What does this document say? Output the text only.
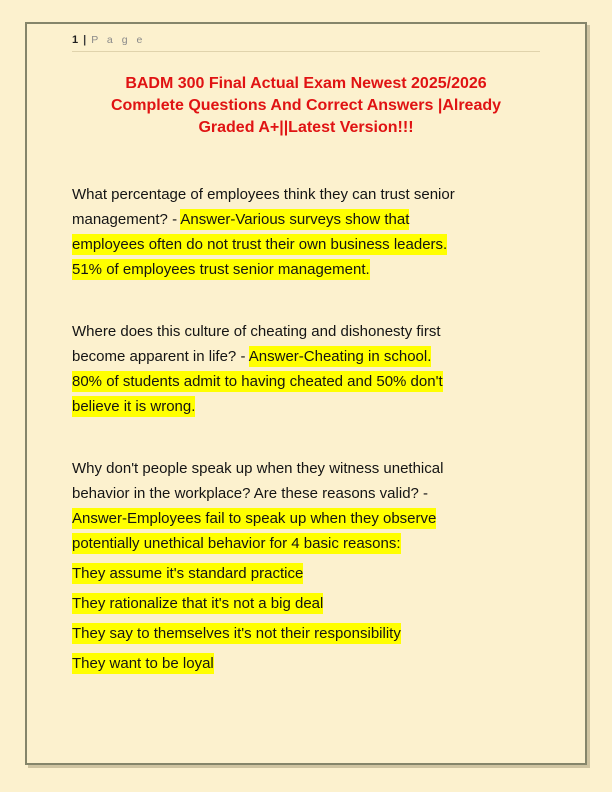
1 | P a g e
BADM 300 Final Actual Exam Newest 2025/2026
Complete Questions And Correct Answers |Already
Graded A+||Latest Version!!!
What percentage of employees think they can trust senior
management? - Answer-Various surveys show that
employees often do not trust their own business leaders.
51% of employees trust senior management.
Where does this culture of cheating and dishonesty first
become apparent in life? - Answer-Cheating in school.
80% of students admit to having cheated and 50% don't
believe it is wrong.
Why don't people speak up when they witness unethical
behavior in the workplace? Are these reasons valid? -
Answer-Employees fail to speak up when they observe
potentially unethical behavior for 4 basic reasons:
They assume it's standard practice
They rationalize that it's not a big deal
They say to themselves it's not their responsibility
They want to be loyal
